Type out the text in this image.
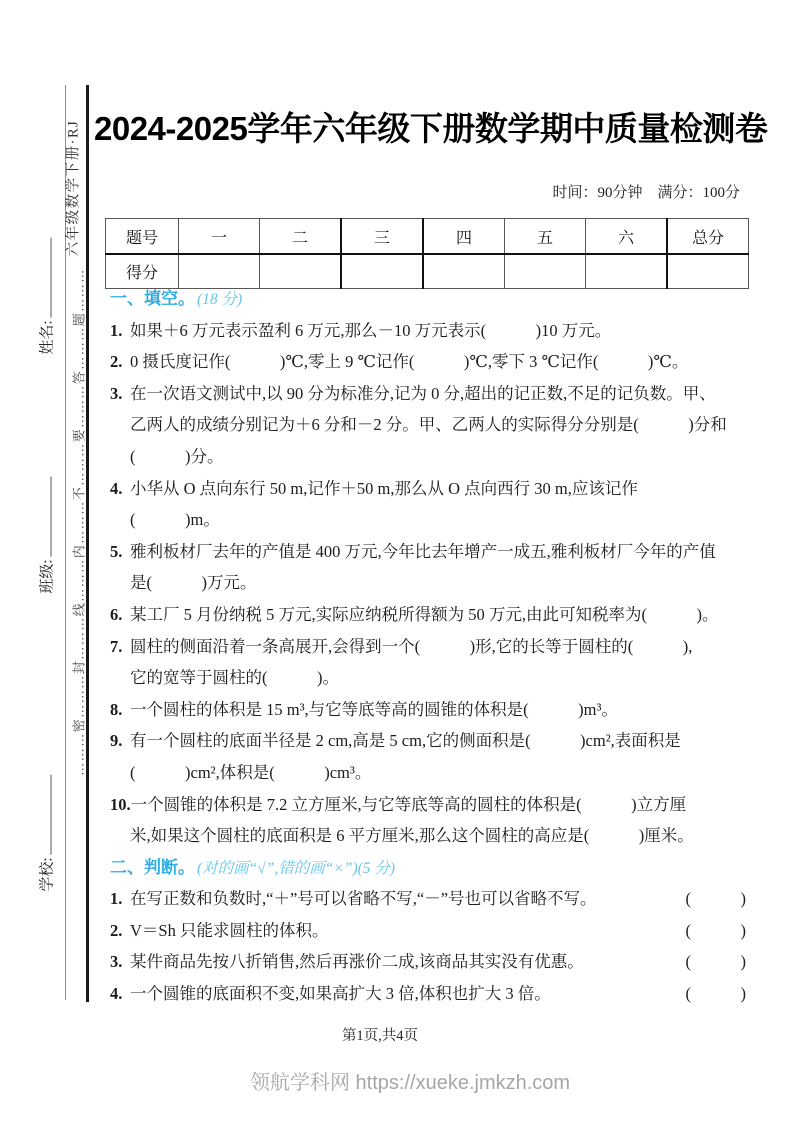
六年级数学下册·RJ
………密………封………线………内………不………要………答………题………
姓名:
班级:
学校:
2024-2025学年六年级下册数学期中质量检测卷
时间：90分钟　满分：100分
题号	一	二	三	四	五	六	总分
得分							
一、填空。 (18 分)
1. 如果＋6 万元表示盈利 6 万元,那么－10 万元表示(　　　)10 万元。
2. 0 摄氏度记作(　　　)℃,零上 9 ℃记作(　　　)℃,零下 3 ℃记作(　　　)℃。
3. 在一次语文测试中,以 90 分为标准分,记为 0 分,超出的记正数,不足的记负数。甲、
乙两人的成绩分别记为＋6 分和－2 分。甲、乙两人的实际得分分别是(　　　)分和
(　　　)分。
4. 小华从 O 点向东行 50 m,记作＋50 m,那么从 O 点向西行 30 m,应该记作
(　　　)m。
5. 雅利板材厂去年的产值是 400 万元,今年比去年增产一成五,雅利板材厂今年的产值
是(　　　)万元。
6. 某工厂 5 月份纳税 5 万元,实际应纳税所得额为 50 万元,由此可知税率为(　　　)。
7. 圆柱的侧面沿着一条高展开,会得到一个(　　　)形,它的长等于圆柱的(　　　),
它的宽等于圆柱的(　　　)。
8. 一个圆柱的体积是 15 m³,与它等底等高的圆锥的体积是(　　　)m³。
9. 有一个圆柱的底面半径是 2 cm,高是 5 cm,它的侧面积是(　　　)cm²,表面积是
(　　　)cm²,体积是(　　　)cm³。
10.一个圆锥的体积是 7.2 立方厘米,与它等底等高的圆柱的体积是(　　　)立方厘
米,如果这个圆柱的底面积是 6 平方厘米,那么这个圆柱的高应是(　　　)厘米。
二、判断。 (对的画“√”,错的画“×”)(5 分)
1. 在写正数和负数时,“＋”号可以省略不写,“－”号也可以省略不写。	(　　　)
2. V＝Sh 只能求圆柱的体积。	(　　　)
3. 某件商品先按八折销售,然后再涨价二成,该商品其实没有优惠。	(　　　)
4. 一个圆锥的底面积不变,如果高扩大 3 倍,体积也扩大 3 倍。	(　　　)
第1页,共4页
领航学科网 https://xueke.jmkzh.com
